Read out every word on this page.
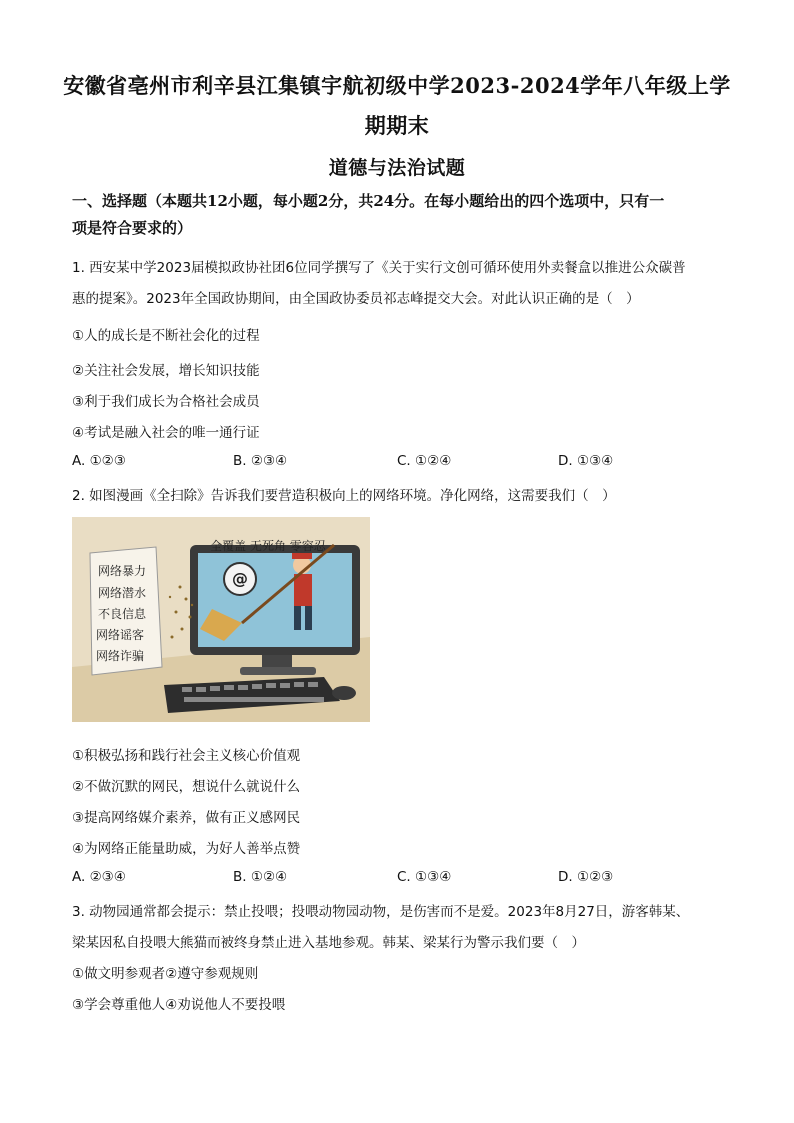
安徽省亳州市利辛县江集镇宇航初级中学2023-2024学年八年级上学
期期末
道德与法治试题
一、选择题（本题共12小题，每小题2分，共24分。在每小题给出的四个选项中，只有一
项是符合要求的）
1. 西安某中学2023届模拟政协社团6位同学撰写了《关于实行文创可循环使用外卖餐盒以推进公众碳普
惠的提案》。2023年全国政协期间，由全国政协委员祁志峰提交大会。对此认识正确的是（　）
①人的成长是不断社会化的过程
②关注社会发展，增长知识技能
③利于我们成长为合格社会成员
④考试是融入社会的唯一通行证
A. ①②③	B. ②③④	C. ①②④	D. ①③④
2. 如图漫画《全扫除》告诉我们要营造积极向上的网络环境。净化网络，这需要我们（　）
全覆盖 无死角 零容忍
@
网络暴力
网络潜水
不良信息
网络谣客
网络诈骗
①积极弘扬和践行社会主义核心价值观
②不做沉默的网民，想说什么就说什么
③提高网络媒介素养，做有正义感网民
④为网络正能量助威，为好人善举点赞
A. ②③④	B. ①②④	C. ①③④	D. ①②③
3. 动物园通常都会提示：禁止投喂；投喂动物园动物，是伤害而不是爱。2023年8月27日，游客韩某、
梁某因私自投喂大熊猫而被终身禁止进入基地参观。韩某、梁某行为警示我们要（　）
①做文明参观者②遵守参观规则
③学会尊重他人④劝说他人不要投喂
